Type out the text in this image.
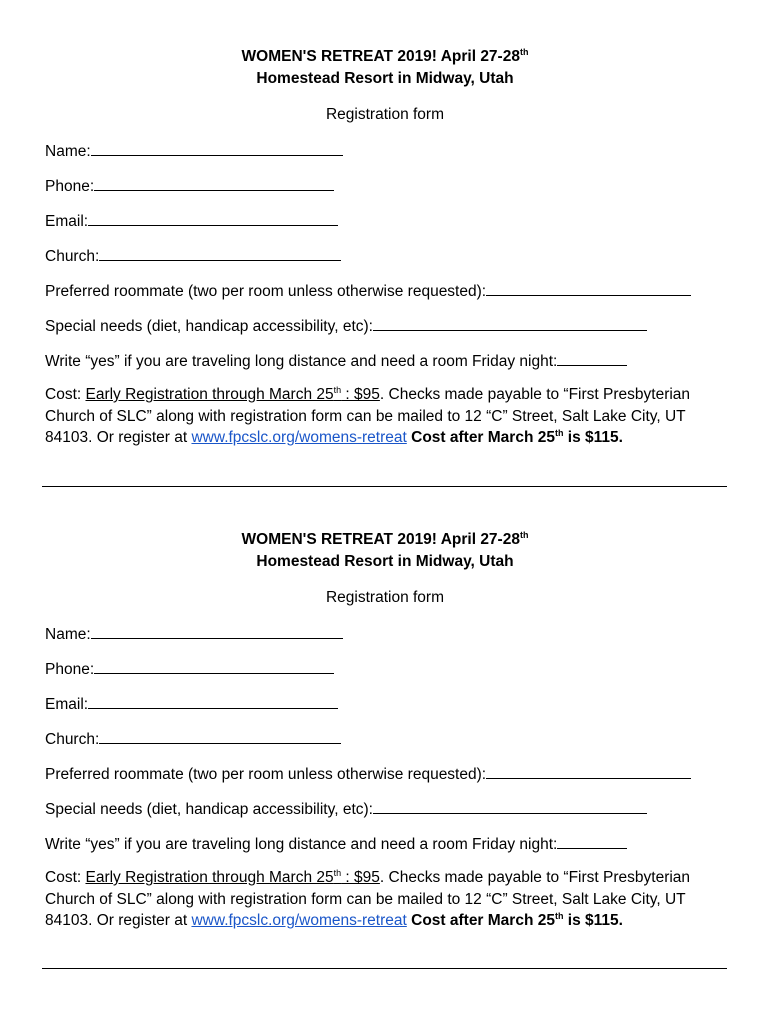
WOMEN'S RETREAT 2019! April 27-28th

Homestead Resort in Midway, Utah

Registration form

Name:
Phone:
Email:
Church:
Preferred roommate (two per room unless otherwise requested):
Special needs (diet, handicap accessibility, etc):
Write “yes” if you are traveling long distance and need a room Friday night:
Cost: Early Registration through March 25th : $95. Checks made payable to “First Presbyterian Church of SLC” along with registration form can be mailed to 12 “C” Street, Salt Lake City, UT 84103. Or register at www.fpcslc.org/womens-retreat Cost after March 25th is $115.

WOMEN'S RETREAT 2019! April 27-28th

Homestead Resort in Midway, Utah

Registration form

Name:
Phone:
Email:
Church:
Preferred roommate (two per room unless otherwise requested):
Special needs (diet, handicap accessibility, etc):
Write “yes” if you are traveling long distance and need a room Friday night:
Cost: Early Registration through March 25th : $95. Checks made payable to “First Presbyterian Church of SLC” along with registration form can be mailed to 12 “C” Street, Salt Lake City, UT 84103. Or register at www.fpcslc.org/womens-retreat Cost after March 25th is $115.
